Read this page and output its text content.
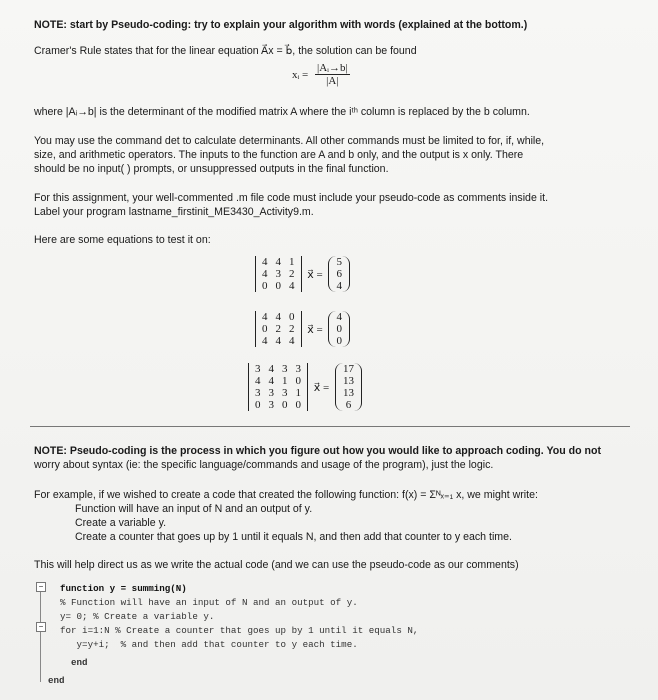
NOTE: start by Pseudo-coding: try to explain your algorithm with words (explained at the bottom.)
Cramer's Rule states that for the linear equation A⃗x = b⃗, the solution can be found
xᵢ = $\frac{\text{|Aᵢ→b|}}{|A|}$
where |Aᵢ→b| is the determinant of the modified matrix A where the iᵗʰ column is replaced by the b column.
You may use the command det to calculate determinants. All other commands must be limited to for, if, while,
size, and arithmetic operators. The inputs to the function are A and b only, and the output is x only. There
should be no input( ) prompts, or unsuppressed outputs in the final function.
For this assignment, your well-commented .m file code must include your pseudo-code as comments inside it.
Label your program lastname_firstinit_ME3430_Activity9.m.
Here are some equations to test it on:
4	4	1
4	3	2
0	0	4
x⃗ =
5
6
4
4	4	0
0	2	2
4	4	4
x⃗ =
4
0
0
3	4	3	3
4	4	1	0
3	3	3	1
0	3	0	0
x⃗ =
17
13
13
6
NOTE: Pseudo-coding is the process in which you figure out how you would like to approach coding. You do not
worry about syntax (ie: the specific language/commands and usage of the program), just the logic.
For example, if we wished to create a code that created the following function: f(x) = Σᴺₓ₌₁ x, we might write:
Function will have an input of N and an output of y.
Create a variable y.
Create a counter that goes up by 1 until it equals N, and then add that counter to y each time.
This will help direct us as we write the actual code (and we can use the pseudo-code as our comments)
−
−
function y = summing(N)
% Function will have an input of N and an output of y.
y= 0; % Create a variable y.
for i=1:N % Create a counter that goes up by 1 until it equals N,
y=y+i;  % and then add that counter to y each time.
end
end
